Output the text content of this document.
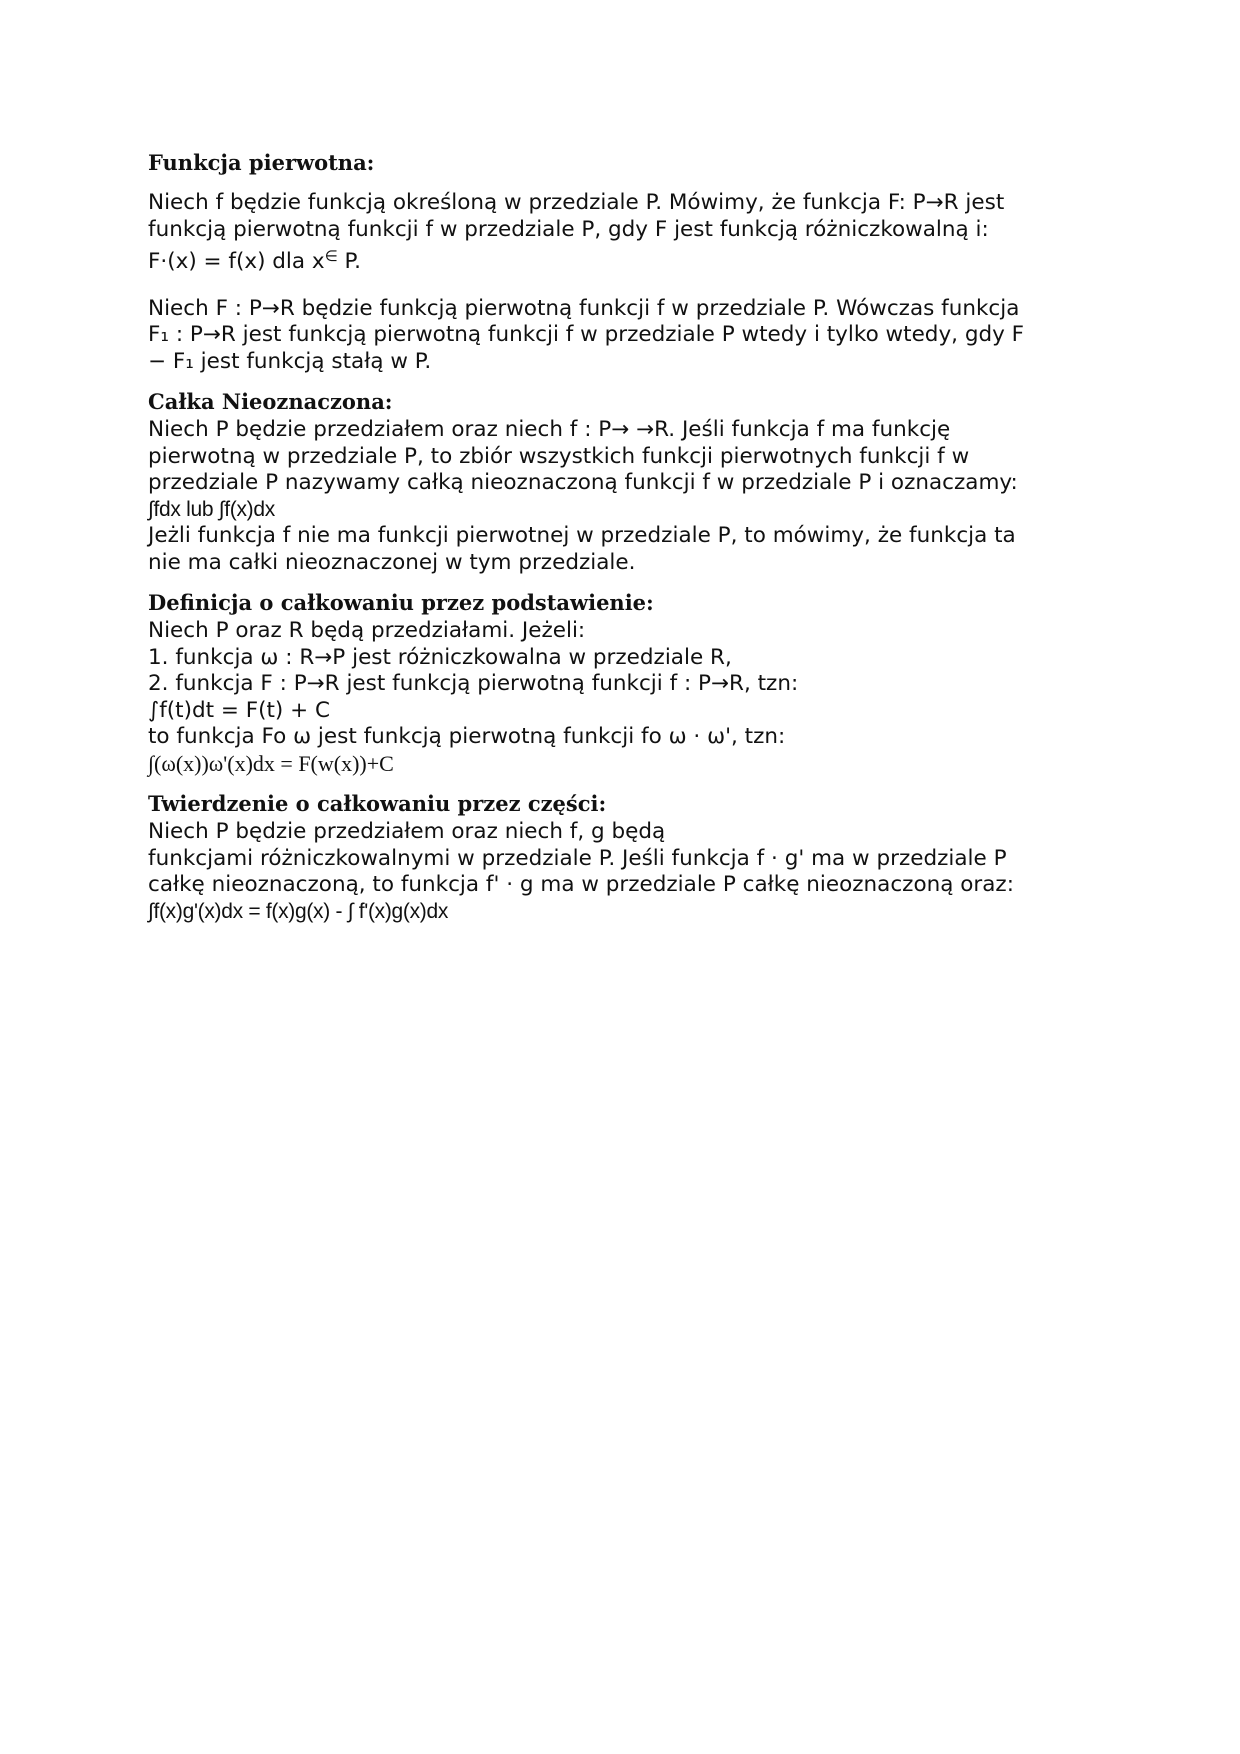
Funkcja pierwotna:

Niech f będzie funkcją określoną w przedziale P. Mówimy, że funkcja F: P→R jest
funkcją pierwotną funkcji f w przedziale P, gdy F jest funkcją różniczkowalną i:
F·(x) = f(x) dla x∈ P.

Niech F : P→R będzie funkcją pierwotną funkcji f w przedziale P. Wówczas funkcja
F₁ : P→R jest funkcją pierwotną funkcji f w przedziale P wtedy i tylko wtedy, gdy F
− F₁ jest funkcją stałą w P.

Całka Nieoznaczona:

Niech P będzie przedziałem oraz niech f : P→ →R. Jeśli funkcja f ma funkcję
pierwotną w przedziale P, to zbiór wszystkich funkcji pierwotnych funkcji f w
przedziale P nazywamy całką nieoznaczoną funkcji f w przedziale P i oznaczamy:
∫fdx lub ∫f(x)dx
Jeżli funkcja f nie ma funkcji pierwotnej w przedziale P, to mówimy, że funkcja ta
nie ma całki nieoznaczonej w tym przedziale.

Definicja o całkowaniu przez podstawienie:

Niech P oraz R będą przedziałami. Jeżeli:
1. funkcja ω : R→P jest różniczkowalna w przedziale R,
2. funkcja F : P→R jest funkcją pierwotną funkcji f : P→R, tzn:
∫f(t)dt = F(t) + C
to funkcja Fo ω jest funkcją pierwotną funkcji fo ω · ω', tzn:
∫(ω(x))ω'(x)dx = F(w(x))+C

Twierdzenie o całkowaniu przez części:

Niech P będzie przedziałem oraz niech f, g będą
funkcjami różniczkowalnymi w przedziale P. Jeśli funkcja f · g' ma w przedziale P
całkę nieoznaczoną, to funkcja f' · g ma w przedziale P całkę nieoznaczoną oraz:
∫f(x)g'(x)dx = f(x)g(x) - ∫ f'(x)g(x)dx
